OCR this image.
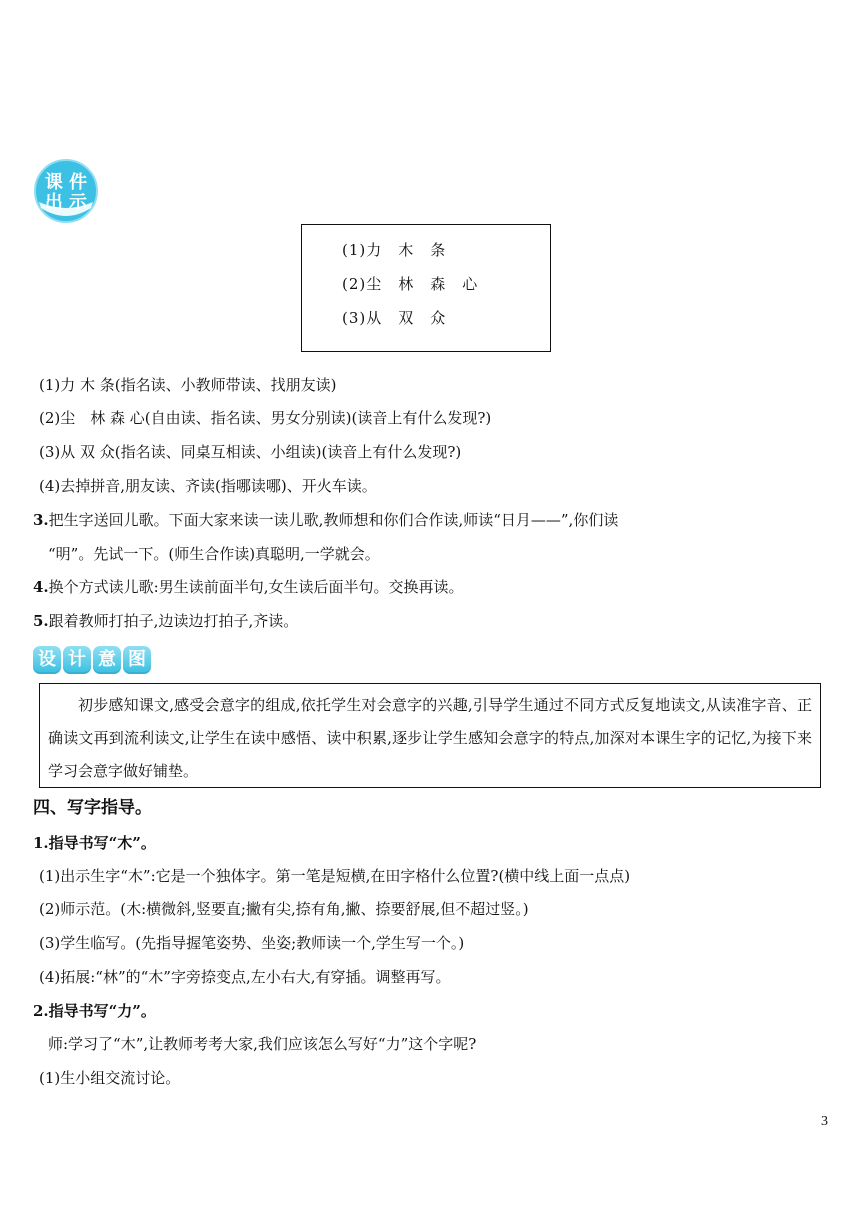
课 件
出 示
(1)力　木　条
(2)尘　林　森　心
(3)从　双　众
(1)力 木 条(指名读、小教师带读、找朋友读)
(2)尘　林 森 心(自由读、指名读、男女分别读)(读音上有什么发现?)
(3)从 双 众(指名读、同桌互相读、小组读)(读音上有什么发现?)
(4)去掉拼音,朋友读、齐读(指哪读哪)、开火车读。
3.把生字送回儿歌。下面大家来读一读儿歌,教师想和你们合作读,师读“日月——”,你们读
“明”。先试一下。(师生合作读)真聪明,一学就会。
4.换个方式读儿歌:男生读前面半句,女生读后面半句。交换再读。
5.跟着教师打拍子,边读边打拍子,齐读。
设 计 意 图
初步感知课文,感受会意字的组成,依托学生对会意字的兴趣,引导学生通过不同方式反复地读文,从读准字音、正确读文再到流利读文,让学生在读中感悟、读中积累,逐步让学生感知会意字的特点,加深对本课生字的记忆,为接下来学习会意字做好铺垫。
四、写字指导。
1.指导书写“木”。
(1)出示生字“木”:它是一个独体字。第一笔是短横,在田字格什么位置?(横中线上面一点点)
(2)师示范。(木:横微斜,竖要直;撇有尖,捺有角,撇、捺要舒展,但不超过竖。)
(3)学生临写。(先指导握笔姿势、坐姿;教师读一个,学生写一个。)
(4)拓展:“林”的“木”字旁捺变点,左小右大,有穿插。调整再写。
2.指导书写“力”。
师:学习了“木”,让教师考考大家,我们应该怎么写好“力”这个字呢?
(1)生小组交流讨论。
3
